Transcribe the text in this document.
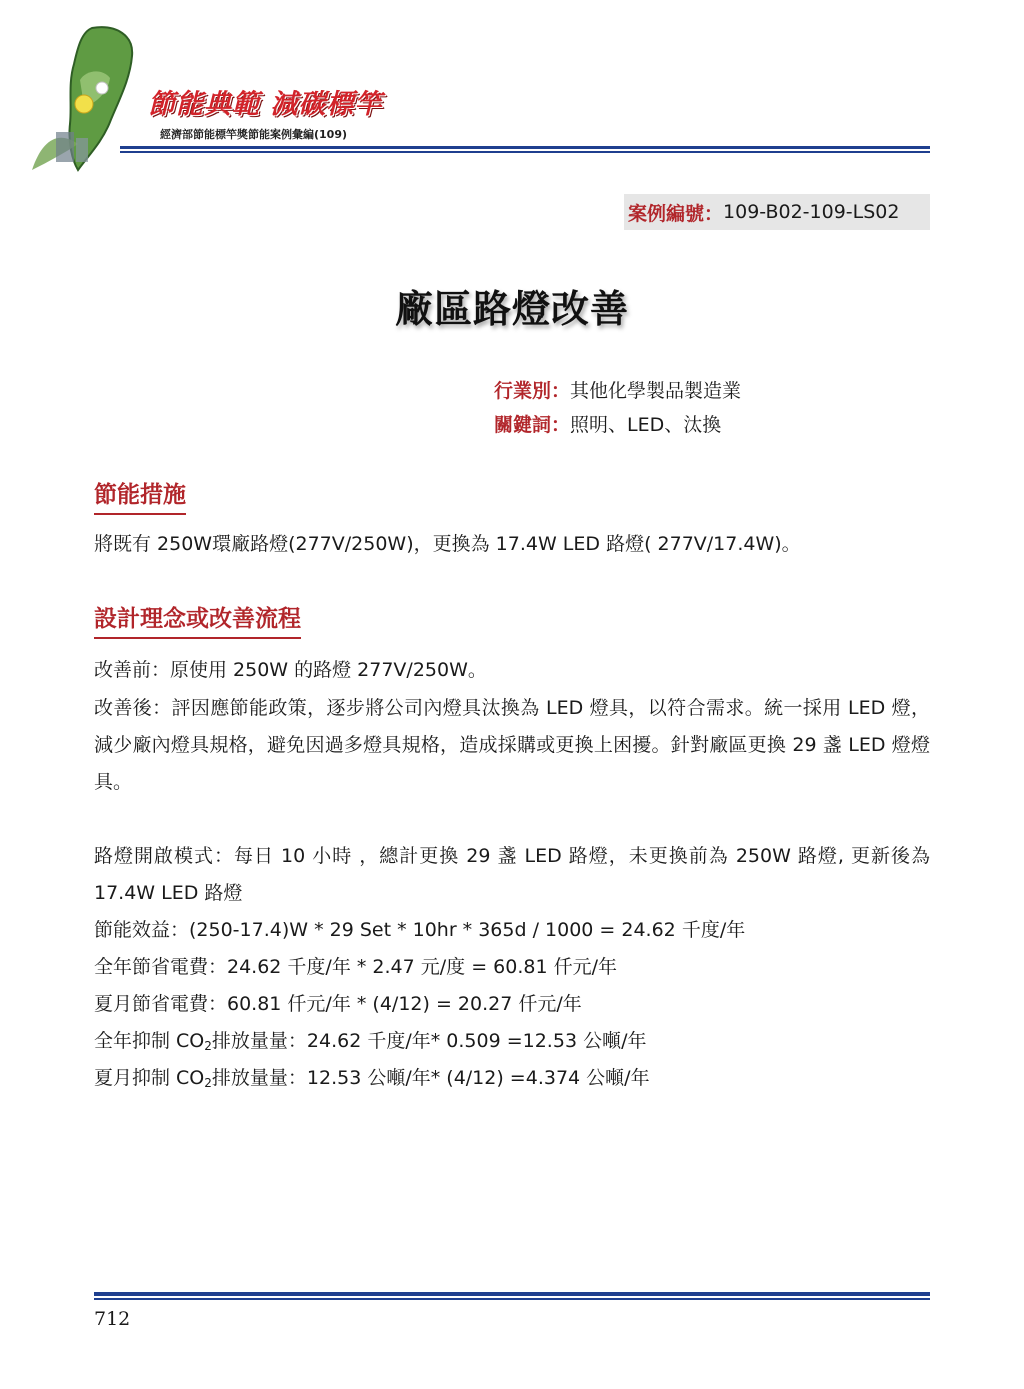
節能典範 減碳標竿
經濟部節能標竿獎節能案例彙編(109)
案例編號： 109-B02-109-LS02
廠區路燈改善
行業別：其他化學製品製造業
關鍵詞：照明、LED、汰換
節能措施
將既有 250W環廠路燈(277V/250W)，更換為 17.4W LED 路燈( 277V/17.4W)。
設計理念或改善流程
改善前：原使用 250W 的路燈 277V/250W。
改善後：評因應節能政策，逐步將公司內燈具汰換為 LED 燈具，以符合需求。統一採用 LED 燈，減少廠內燈具規格，避免因過多燈具規格，造成採購或更換上困擾。針對廠區更換 29 盞 LED 燈燈具。
路燈開啟模式：每日 10 小時 ，總計更換 29 盞 LED 路燈，未更換前為 250W 路燈, 更新後為 17.4W LED 路燈
節能效益：(250-17.4)W * 29 Set * 10hr * 365d / 1000 = 24.62 千度/年
全年節省電費：24.62 千度/年 * 2.47 元/度 = 60.81 仟元/年
夏月節省電費：60.81 仟元/年 * (4/12) = 20.27 仟元/年
全年抑制 CO2排放量量：24.62 千度/年* 0.509 =12.53 公噸/年
夏月抑制 CO2排放量量：12.53 公噸/年* (4/12) =4.374 公噸/年
712
